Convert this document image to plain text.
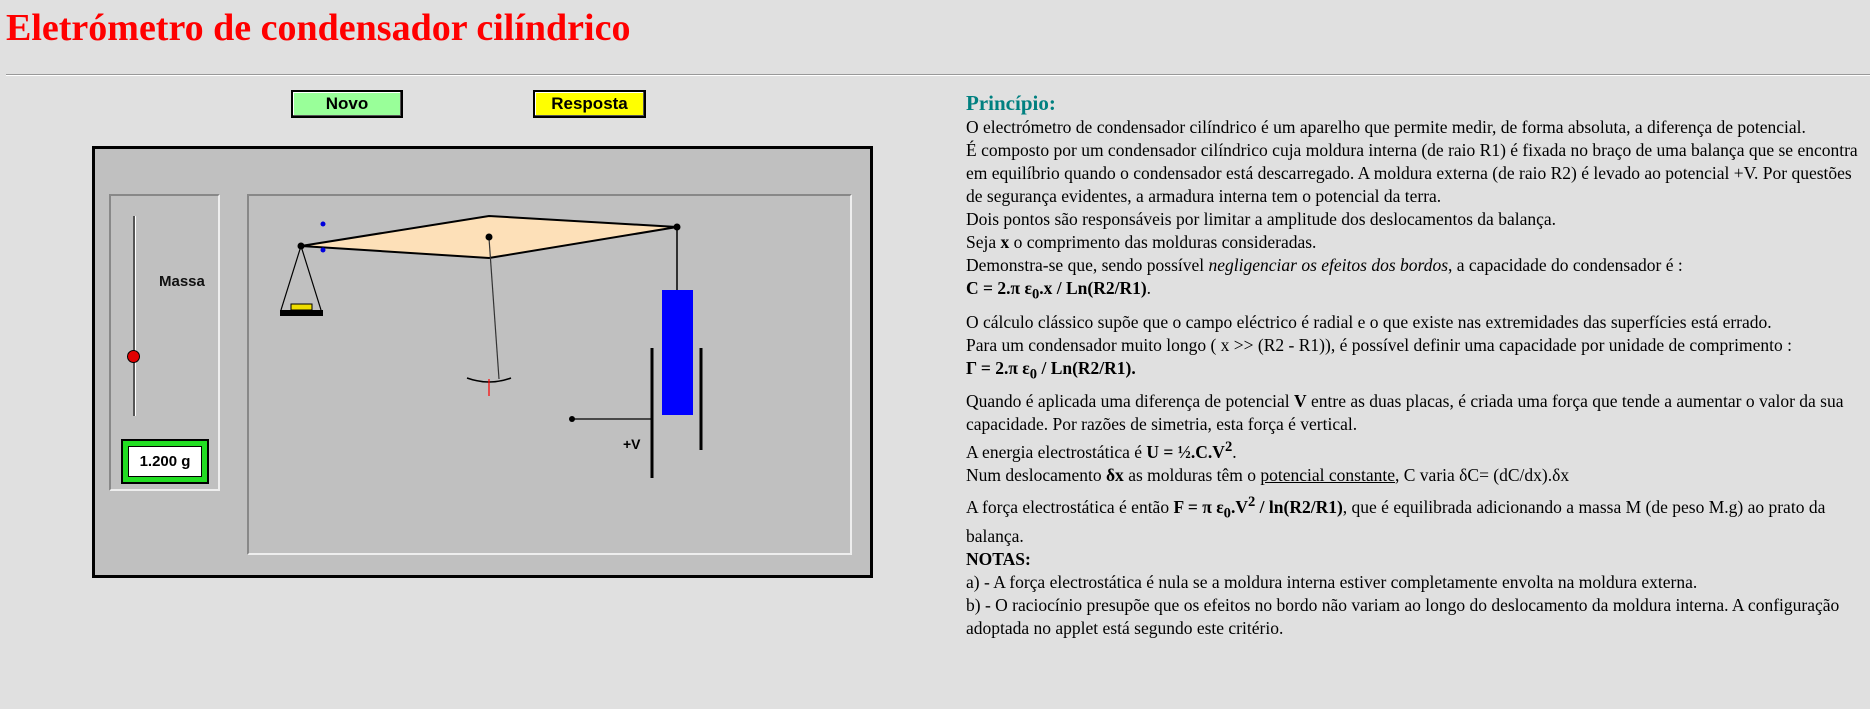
Eletrómetro de condensador cilíndrico
Novo	Resposta
Massa
1.200 g
+V

Princípio:

O electrómetro de condensador cilíndrico é um aparelho que permite medir, de forma absoluta, a diferença de potencial.

É composto por um condensador cilíndrico cuja moldura interna (de raio R1) é fixada no braço de uma balança que se encontra em equilíbrio quando o condensador está descarregado. A moldura externa (de raio R2) é levado ao potencial +V. Por questões de segurança evidentes, a armadura interna tem o potencial da terra.

Dois pontos são responsáveis por limitar a amplitude dos deslocamentos da balança.

Seja x o comprimento das molduras consideradas.

Demonstra-se que, sendo possível negligenciar os efeitos dos bordos, a capacidade do condensador é :

C = 2.π $\varepsilon_0.x / Ln(R2/R1)$.

O cálculo clássico supõe que o campo eléctrico é radial e o que existe nas extremidades das superfícies está errado.

Para um condensador muito longo ( x >> (R2 - R1)), é possível definir uma capacidade por unidade de comprimento :

Γ = 2.π $\varepsilon_0 / Ln(R2/R1)$.

Quando é aplicada uma diferença de potencial V entre as duas placas, é criada uma força que tende a aumentar o valor da sua capacidade. Por razões de simetria, esta força é vertical.

A energia electrostática é $U = \frac{1}{2}.C.V^2$.

Num deslocamento δx as molduras têm o potencial constante, C varia δC= (dC/dx).δx

A força electrostática é então F = π $\varepsilon_0.V^2 / \ln(R2/R1)$, que é equilibrada adicionando a massa M (de peso M.g) ao prato da balança.

NOTAS:

a) - A força electrostática é nula se a moldura interna estiver completamente envolta na moldura externa.

b) - O raciocínio presupõe que os efeitos no bordo não variam ao longo do deslocamento da moldura interna. A configuração adoptada no applet está segundo este critério.
